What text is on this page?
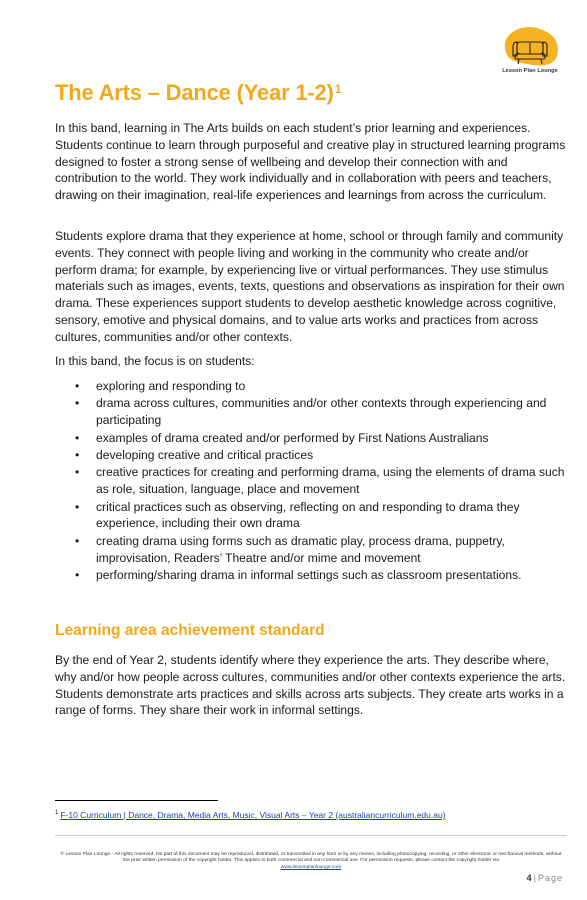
Lesson Plan Lounge
The Arts – Dance (Year 1-2)$^1$

In this band, learning in The Arts builds on each student’s prior learning and experiences. Students continue to learn through purposeful and creative play in structured learning programs designed to foster a strong sense of wellbeing and develop their connection with and contribution to the world. They work individually and in collaboration with peers and teachers, drawing on their imagination, real-life experiences and learnings from across the curriculum.

Students explore drama that they experience at home, school or through family and community events. They connect with people living and working in the community who create and/or perform drama; for example, by experiencing live or virtual performances. They use stimulus materials such as images, events, texts, questions and observations as inspiration for their own drama. These experiences support students to develop aesthetic knowledge across cognitive, sensory, emotive and physical domains, and to value arts works and practices from across cultures, communities and/or other contexts.

In this band, the focus is on students:

• exploring and responding to
• drama across cultures, communities and/or other contexts through experiencing and participating
• examples of drama created and/or performed by First Nations Australians
• developing creative and critical practices
• creative practices for creating and performing drama, using the elements of drama such as role, situation, language, place and movement
• critical practices such as observing, reflecting on and responding to drama they experience, including their own drama
• creating drama using forms such as dramatic play, process drama, puppetry, improvisation, Readers’ Theatre and/or mime and movement
• performing/sharing drama in informal settings such as classroom presentations.
Learning area achievement standard

By the end of Year 2, students identify where they experience the arts. They describe where, why and/or how people across cultures, communities and/or other contexts experience the arts. Students demonstrate arts practices and skills across arts subjects. They create arts works in a range of forms. They share their work in informal settings.

$^1$ F-10 Curriculum | Dance, Drama, Media Arts, Music, Visual Arts – Year 2 (australiancurriculum.edu.au)
© Lesson Plan Lounge - All rights reserved. No part of this document may be reproduced, distributed, or transmitted in any form or by any means, including photocopying, recording, or other electronic or mechanical methods, without the prior written permission of the copyright holder. This applies to both commercial and non-commercial use. For permission requests, please contact the copyright holder via
www.lessonplanlounge.com
4 | Page
